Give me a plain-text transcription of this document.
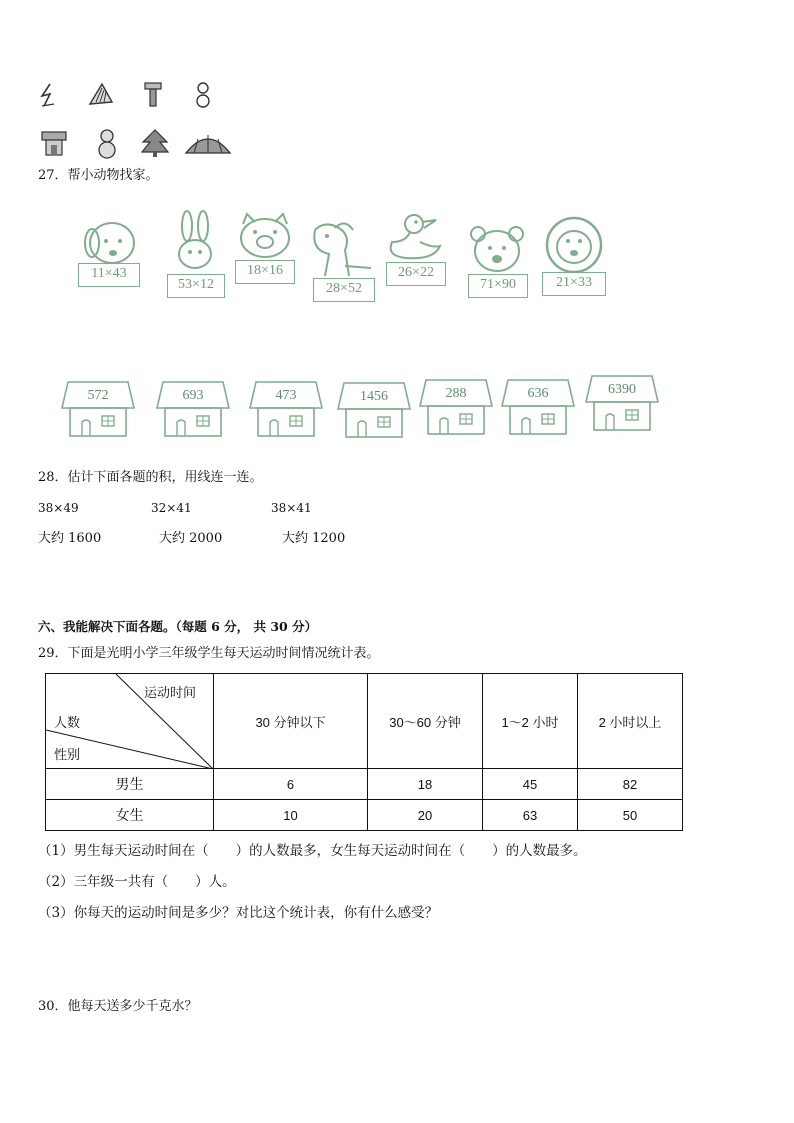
27．帮小动物找家。
11×43
53×12
18×16
28×52
26×22
71×90	21×33
572	693	473	1456	288	636	6390
28．估计下面各题的积，用线连一连。
38×49	32×41	38×41
大约 1600	大约 2000	大约 1200
六、我能解决下面各题。（每题 6 分， 共 30 分）
29．下面是光明小学三年级学生每天运动时间情况统计表。
运动时间
人数
性别	30 分钟以下	30～60 分钟	1～2 小时	2 小时以上
男生	6	18	45	82
女生	10	20	63	50
（1）男生每天运动时间在（　　）的人数最多，女生每天运动时间在（　　）的人数最多。
（2）三年级一共有（　　）人。
（3）你每天的运动时间是多少？对比这个统计表，你有什么感受？
30．他每天送多少千克水？
